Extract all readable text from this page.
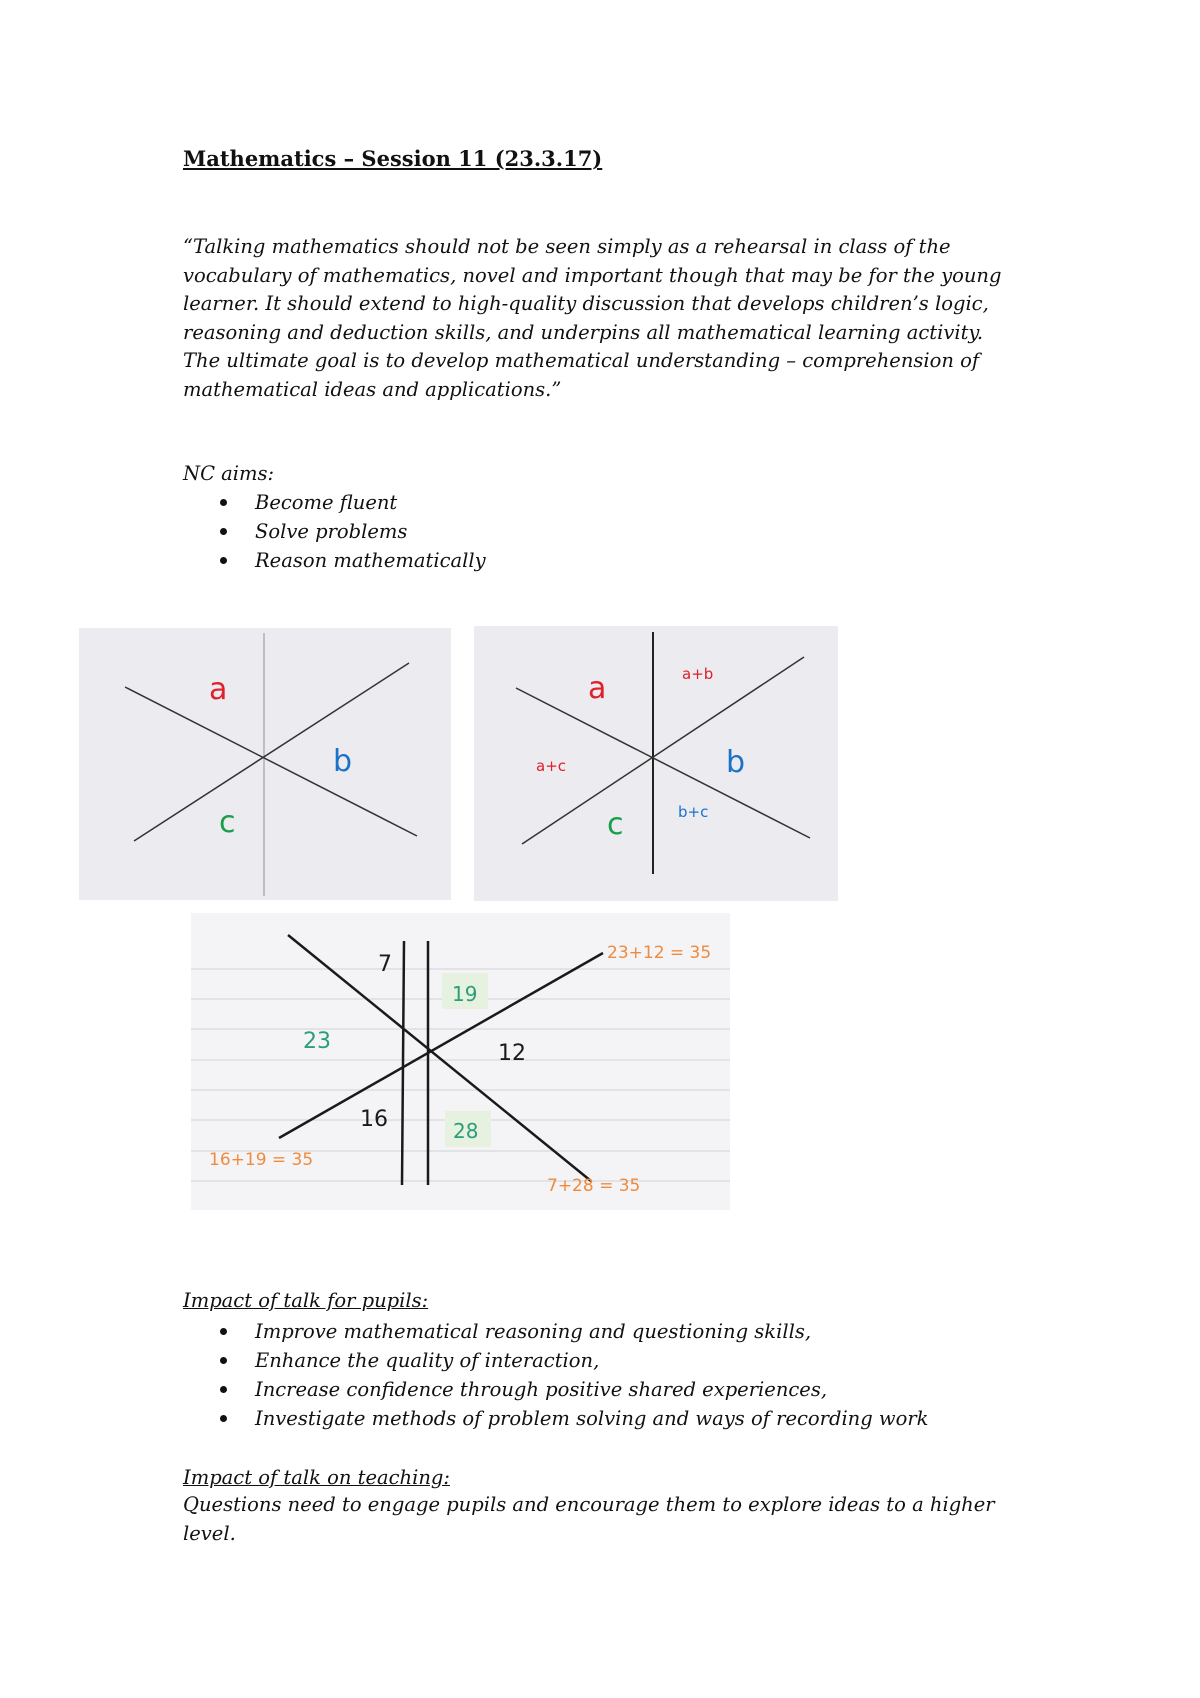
Mathematics – Session 11 (23.3.17)
“Talking mathematics should not be seen simply as a rehearsal in class of the
vocabulary of mathematics, novel and important though that may be for the young
learner. It should extend to high-quality discussion that develops children’s logic,
reasoning and deduction skills, and underpins all mathematical learning activity.
The ultimate goal is to develop mathematical understanding – comprehension of
mathematical ideas and applications.”
NC aims:
Become fluent
Solve problems
Reason mathematically
a
b
c
a
b
c
a+b
a+c
b+c
7
19
23	12
16	28
23+12 = 35
16+19 = 35
7+28 = 35
Impact of talk for pupils:
Improve mathematical reasoning and questioning skills,
Enhance the quality of interaction,
Increase confidence through positive shared experiences,
Investigate methods of problem solving and ways of recording work
Impact of talk on teaching:
Questions need to engage pupils and encourage them to explore ideas to a higher
level.
